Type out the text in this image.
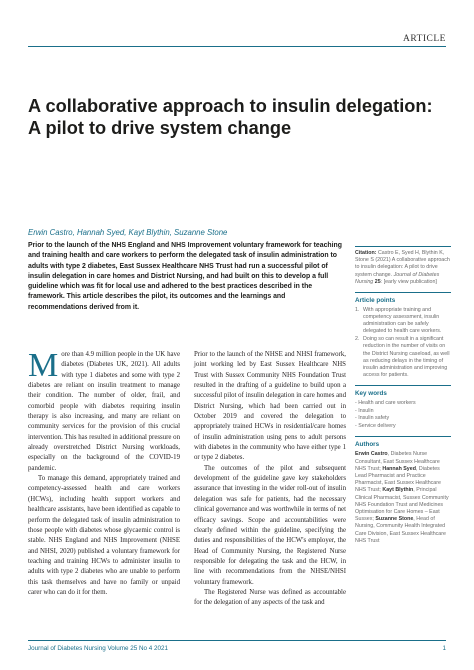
ARTICLE
A collaborative approach to insulin delegation: A pilot to drive system change
Erwin Castro, Hannah Syed, Kayt Blythin, Suzanne Stone
Prior to the launch of the NHS England and NHS Improvement voluntary framework for teaching and training health and care workers to perform the delegated task of insulin administration to adults with type 2 diabetes, East Sussex Healthcare NHS Trust had run a successful pilot of insulin delegation in care homes and District Nursing, and had built on this to develop a full guideline which was fit for local use and adhered to the best practices described in the framework. This article describes the pilot, its outcomes and the learnings and recommendations derived from it.

More than 4.9 million people in the UK have diabetes (Diabetes UK, 2021). All adults with type 1 diabetes and some with type 2 diabetes are reliant on insulin treatment to manage their condition. The number of older, frail, and comorbid people with diabetes requiring insulin therapy is also increasing, and many are reliant on community services for the provision of this crucial intervention. This has resulted in additional pressure on already overstretched District Nursing workloads, especially on the background of the COVID-19 pandemic.

To manage this demand, appropriately trained and competency-assessed health and care workers (HCWs), including health support workers and healthcare assistants, have been identified as capable to perform the delegated task of insulin administration to those people with diabetes whose glycaemic control is stable. NHS England and NHS Improvement (NHSE and NHSI, 2020) published a voluntary framework for teaching and training HCWs to administer insulin to adults with type 2 diabetes who are unable to perform this task themselves and have no family or unpaid carer who can do it for them.

Prior to the launch of the NHSE and NHSI framework, joint working led by East Sussex Healthcare NHS Trust with Sussex Community NHS Foundation Trust resulted in the drafting of a guideline to build upon a successful pilot of insulin delegation in care homes and District Nursing, which had been carried out in October 2019 and covered the delegation to appropriately trained HCWs in residential/care homes of insulin administration using pens to adult persons with diabetes in the community who have either type 1 or type 2 diabetes.

The outcomes of the pilot and subsequent development of the guideline gave key stakeholders assurance that investing in the wider roll-out of insulin delegation was safe for patients, had the necessary clinical governance and was worthwhile in terms of net efficacy savings. Scope and accountabilities were clearly defined within the guideline, specifying the duties and responsibilities of the HCW's employer, the Head of Community Nursing, the Registered Nurse responsible for delegating the task and the HCW, in line with recommendations from the NHSE/NHSI voluntary framework.

The Registered Nurse was defined as accountable for the delegation of any aspects of the task and

Citation: Castro E, Syed H, Blythin K, Stone S (2021) A collaborative approach to insulin delegation: A pilot to drive system change. Journal of Diabetes Nursing 25: [early view publication]
Article points
1. With appropriate training and competency assessment, insulin administration can be safely delegated to health care workers.
2. Doing so can result in a significant reduction in the number of visits on the District Nursing caseload, as well as reducing delays in the timing of insulin administration and improving access for patients.
Key words
- Health and care workers
- Insulin
- Insulin safety
- Service delivery
Authors
Erwin Castro, Diabetes Nurse Consultant, East Sussex Healthcare NHS Trust; Hannah Syed, Diabetes Lead Pharmacist and Practice Pharmacist, East Sussex Healthcare NHS Trust; Kayt Blythin, Principal Clinical Pharmacist, Sussex Community NHS Foundation Trust and Medicines Optimisation for Care Homes – East Sussex; Suzanne Stone, Head of Nursing, Community Health Integrated Care Division, East Sussex Healthcare NHS Trust
Journal of Diabetes Nursing Volume 25 No 4 2021	1
